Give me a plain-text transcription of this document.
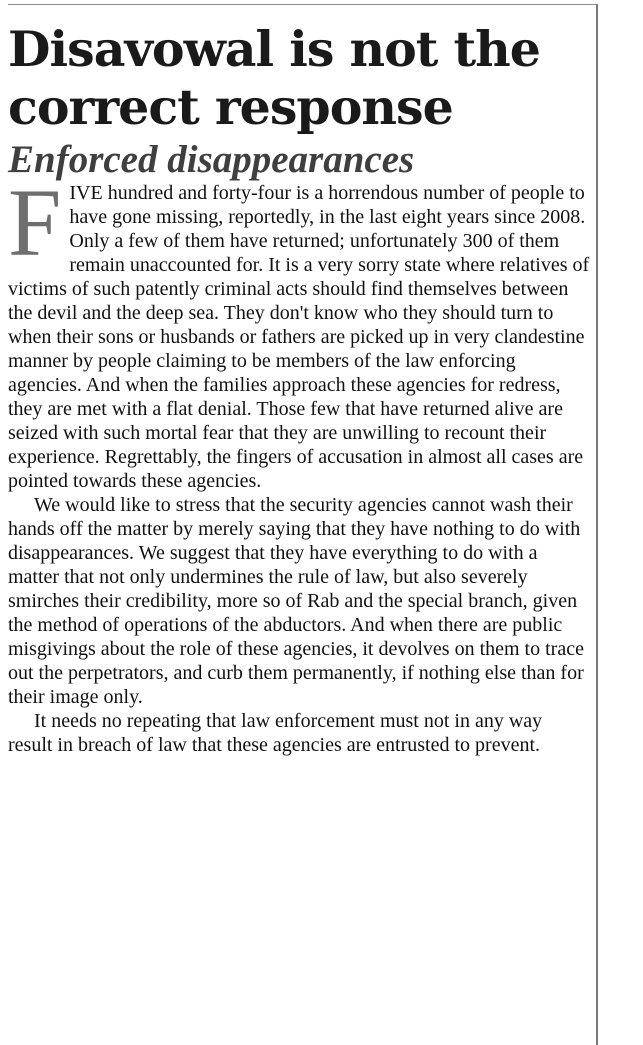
Disavowal is not the
correct response
Enforced disappearances

FIVE hundred and forty-four is a horrendous number of people to have gone missing, reportedly, in the last eight years since 2008. Only a few of them have returned; unfortunately 300 of them remain unaccounted for. It is a very sorry state where relatives of victims of such patently criminal acts should find themselves between the devil and the deep sea. They don't know who they should turn to when their sons or husbands or fathers are picked up in very clandestine manner by people claiming to be members of the law enforcing agencies. And when the families approach these agencies for redress, they are met with a flat denial. Those few that have returned alive are seized with such mortal fear that they are unwilling to recount their experience. Regrettably, the fingers of accusation in almost all cases are pointed towards these agencies.

We would like to stress that the security agencies cannot wash their hands off the matter by merely saying that they have nothing to do with disappearances. We suggest that they have everything to do with a matter that not only undermines the rule of law, but also severely smirches their credibility, more so of Rab and the special branch, given the method of operations of the abductors. And when there are public misgivings about the role of these agencies, it devolves on them to trace out the perpetrators, and curb them permanently, if nothing else than for their image only.

It needs no repeating that law enforcement must not in any way result in breach of law that these agencies are entrusted to prevent.
